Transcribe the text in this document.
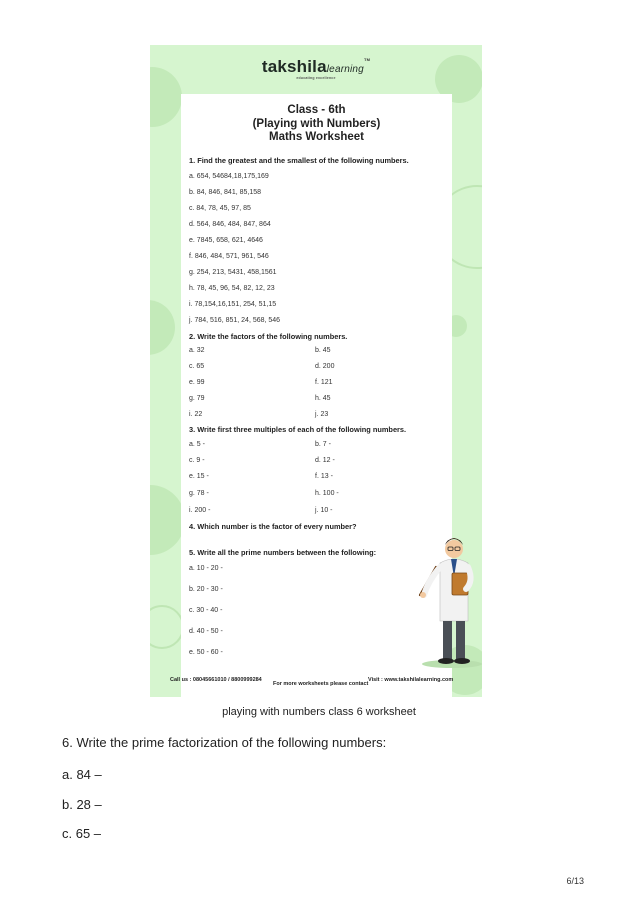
takshilalearning™
educating excellence
Class - 6th
(Playing with Numbers)
Maths Worksheet
1. Find the greatest and the smallest of the following numbers.
a. 654, 54684,18,175,169
b. 84, 846, 841, 85,158
c. 84, 78, 45, 97, 85
d. 564, 846, 484, 847, 864
e. 7845, 658, 621, 4646
f. 846, 484, 571, 961, 546
g. 254, 213, 5431, 458,1561
h. 78, 45, 96, 54, 82, 12, 23
i. 78,154,16,151, 254, 51,15
j. 784, 516, 851, 24, 568, 546
2. Write the factors of the following numbers.
a. 32	b. 45
c. 65	d. 200
e. 99	f. 121
g. 79	h. 45
i. 22	j. 23
3. Write first three multiples of each of the following numbers.
a. 5 -	b. 7 -
c. 9 -	d. 12 -
e. 15 -	f. 13 -
g. 78 -	h. 100 -
i. 200 -	j. 10 -
4. Which number is the factor of every number?
5. Write all the prime numbers between the following:
a. 10 - 20 -
b. 20 - 30 -
c. 30 - 40 -
d. 40 - 50 -
e. 50 - 60 -
For more worksheets please contact
Call us : 08045661010 / 8800999284	Visit : www.takshilalearning.com
playing with numbers class 6 worksheet
6. Write the prime factorization of the following numbers:
a. 84 –
b. 28 –
c. 65 –
6/13
